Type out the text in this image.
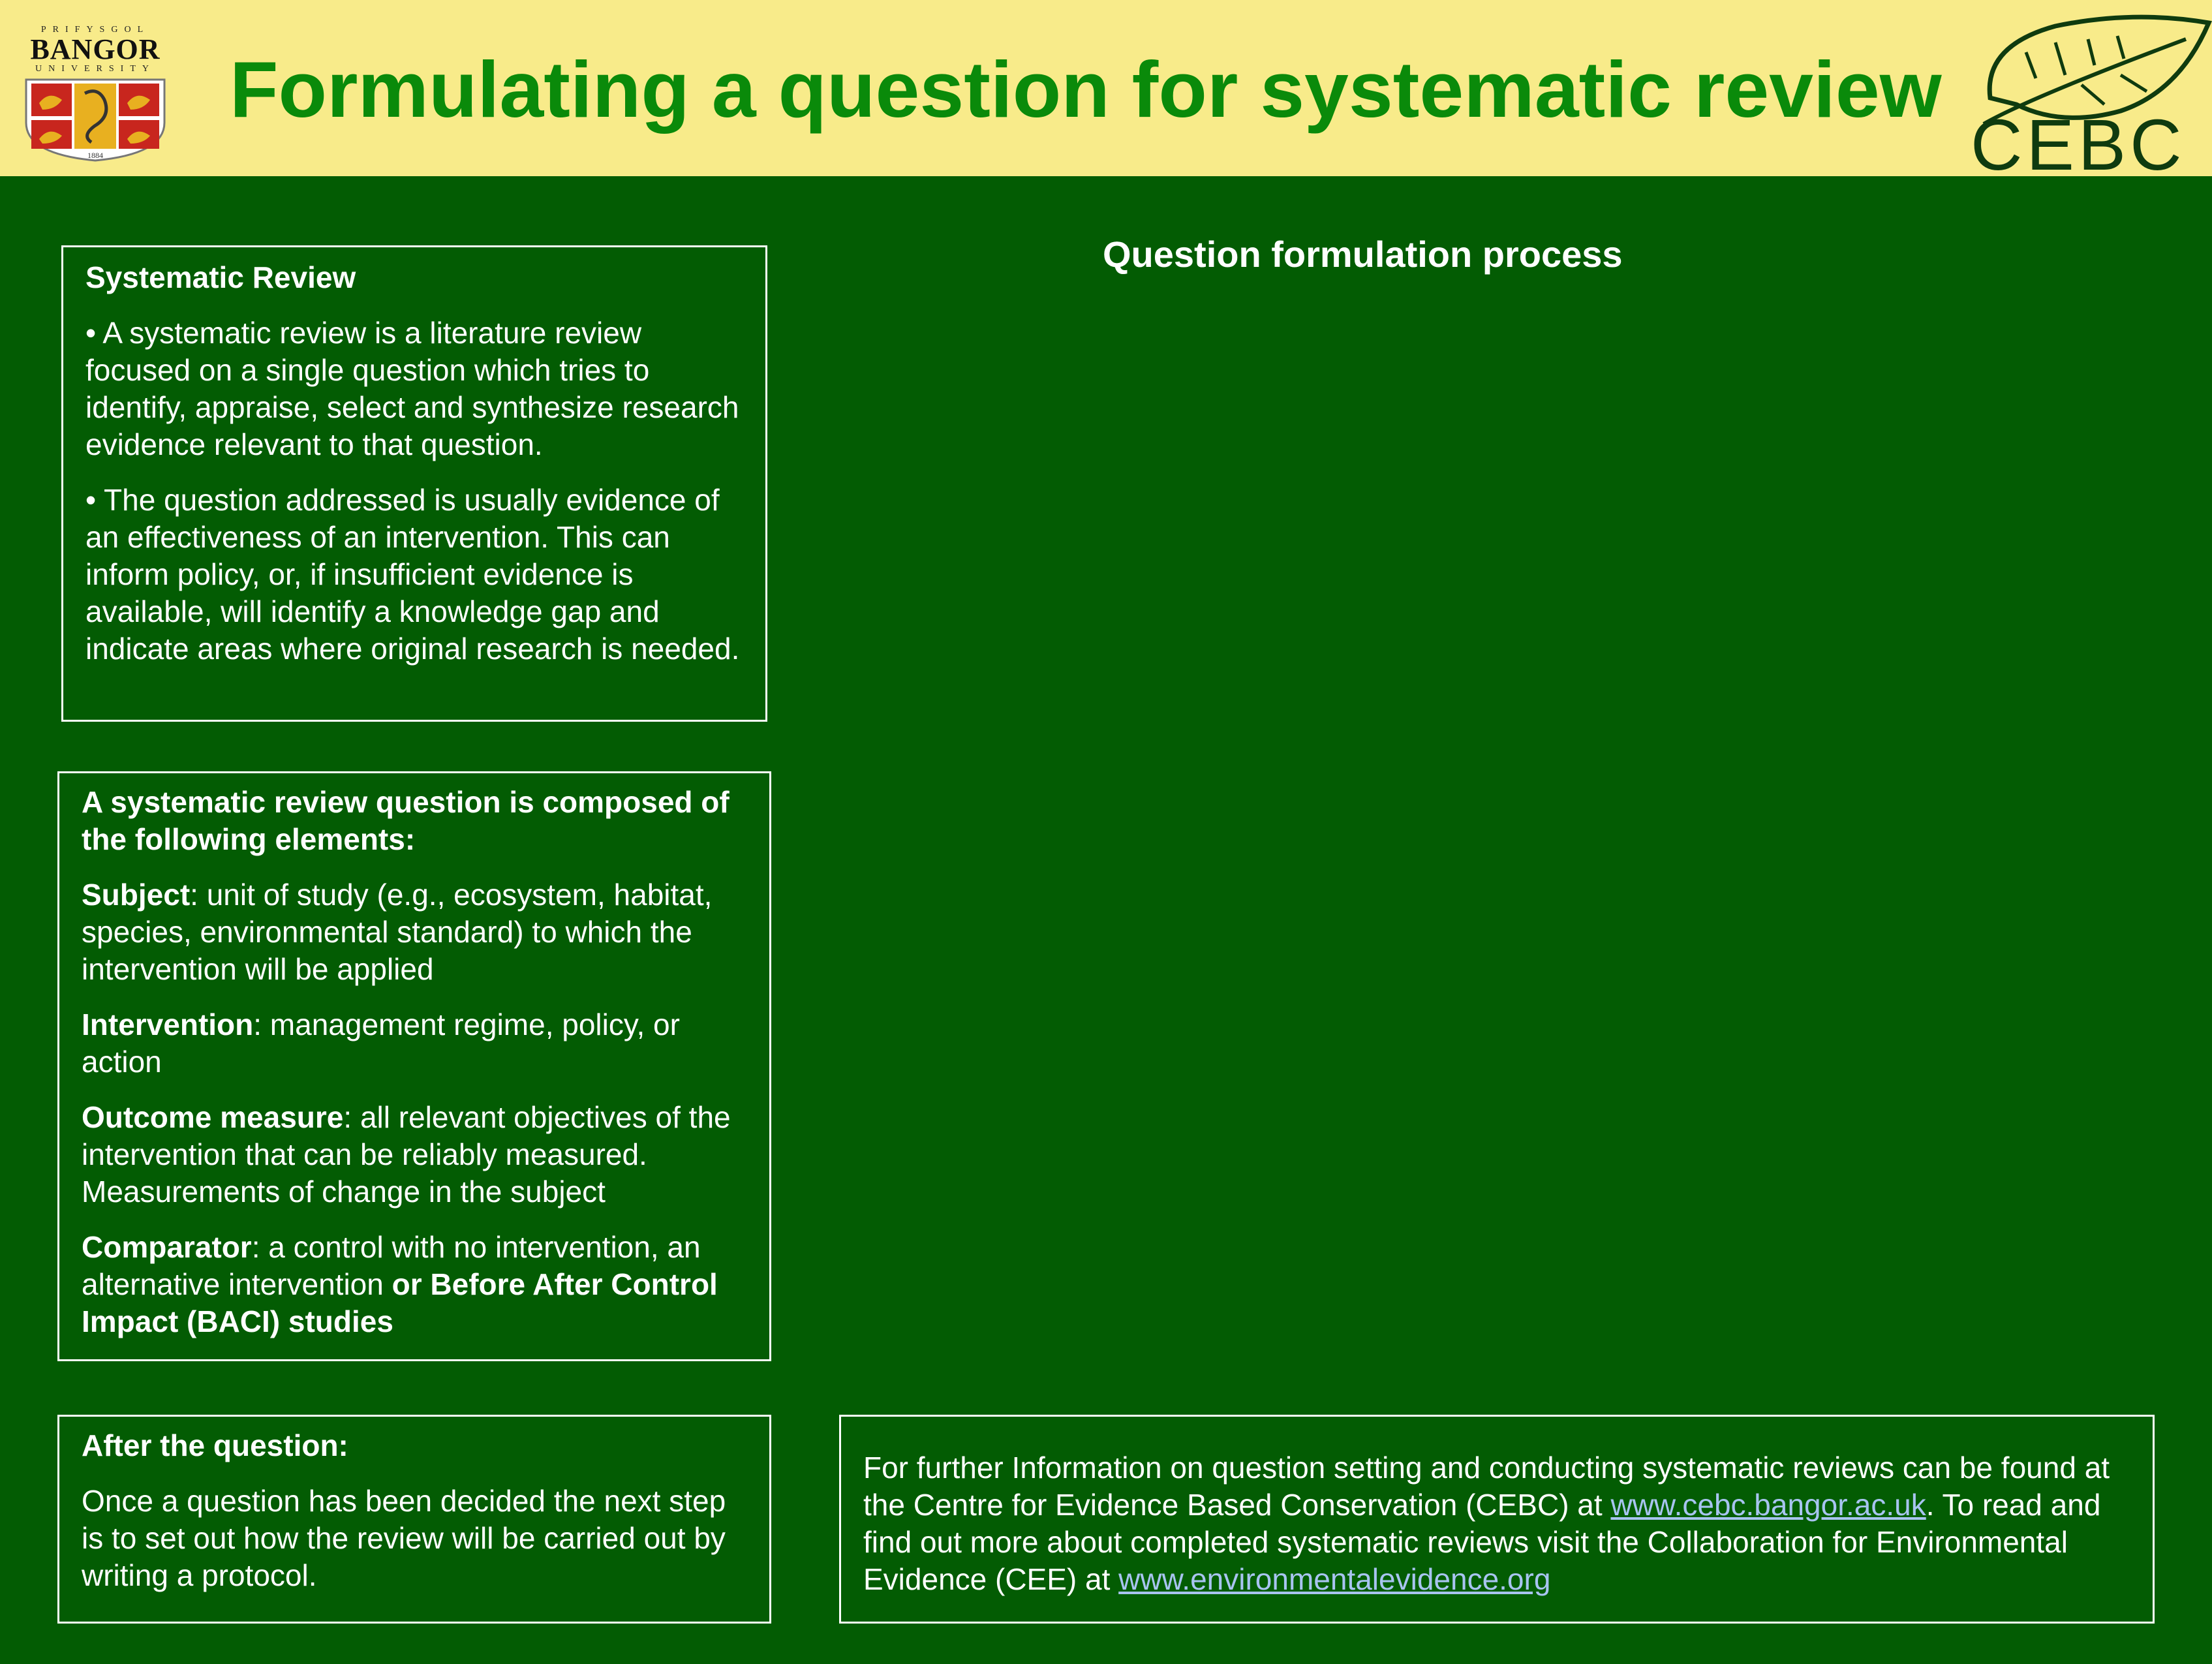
PRIFYSGOL
BANGOR
UNIVERSITY
1884
Formulating a question for systematic review
CEBC

Systematic Review

• A systematic review is a literature review focused on a single question which tries to identify, appraise, select and synthesize research evidence relevant to that question.

• The question addressed is usually evidence of an effectiveness of an intervention. This can inform policy, or, if insufficient evidence is available, will identify a knowledge gap and indicate areas where original research is needed.

A systematic review question is composed of the following elements:

Subject: unit of study (e.g., ecosystem, habitat, species, environmental standard) to which the intervention will be applied

Intervention: management regime, policy, or action

Outcome measure: all relevant objectives of the intervention that can be reliably measured. Measurements of change in the subject

Comparator: a control with no intervention, an alternative intervention or Before After Control Impact (BACI) studies

After the question:

Once a question has been decided the next step is to set out how the review will be carried out by writing a protocol.

Question formulation process

For further Information on question setting and conducting systematic reviews can be found at the Centre for Evidence Based Conservation (CEBC) at www.cebc.bangor.ac.uk. To read and find out more about completed systematic reviews visit the Collaboration for Environmental Evidence (CEE) at www.environmentalevidence.org
